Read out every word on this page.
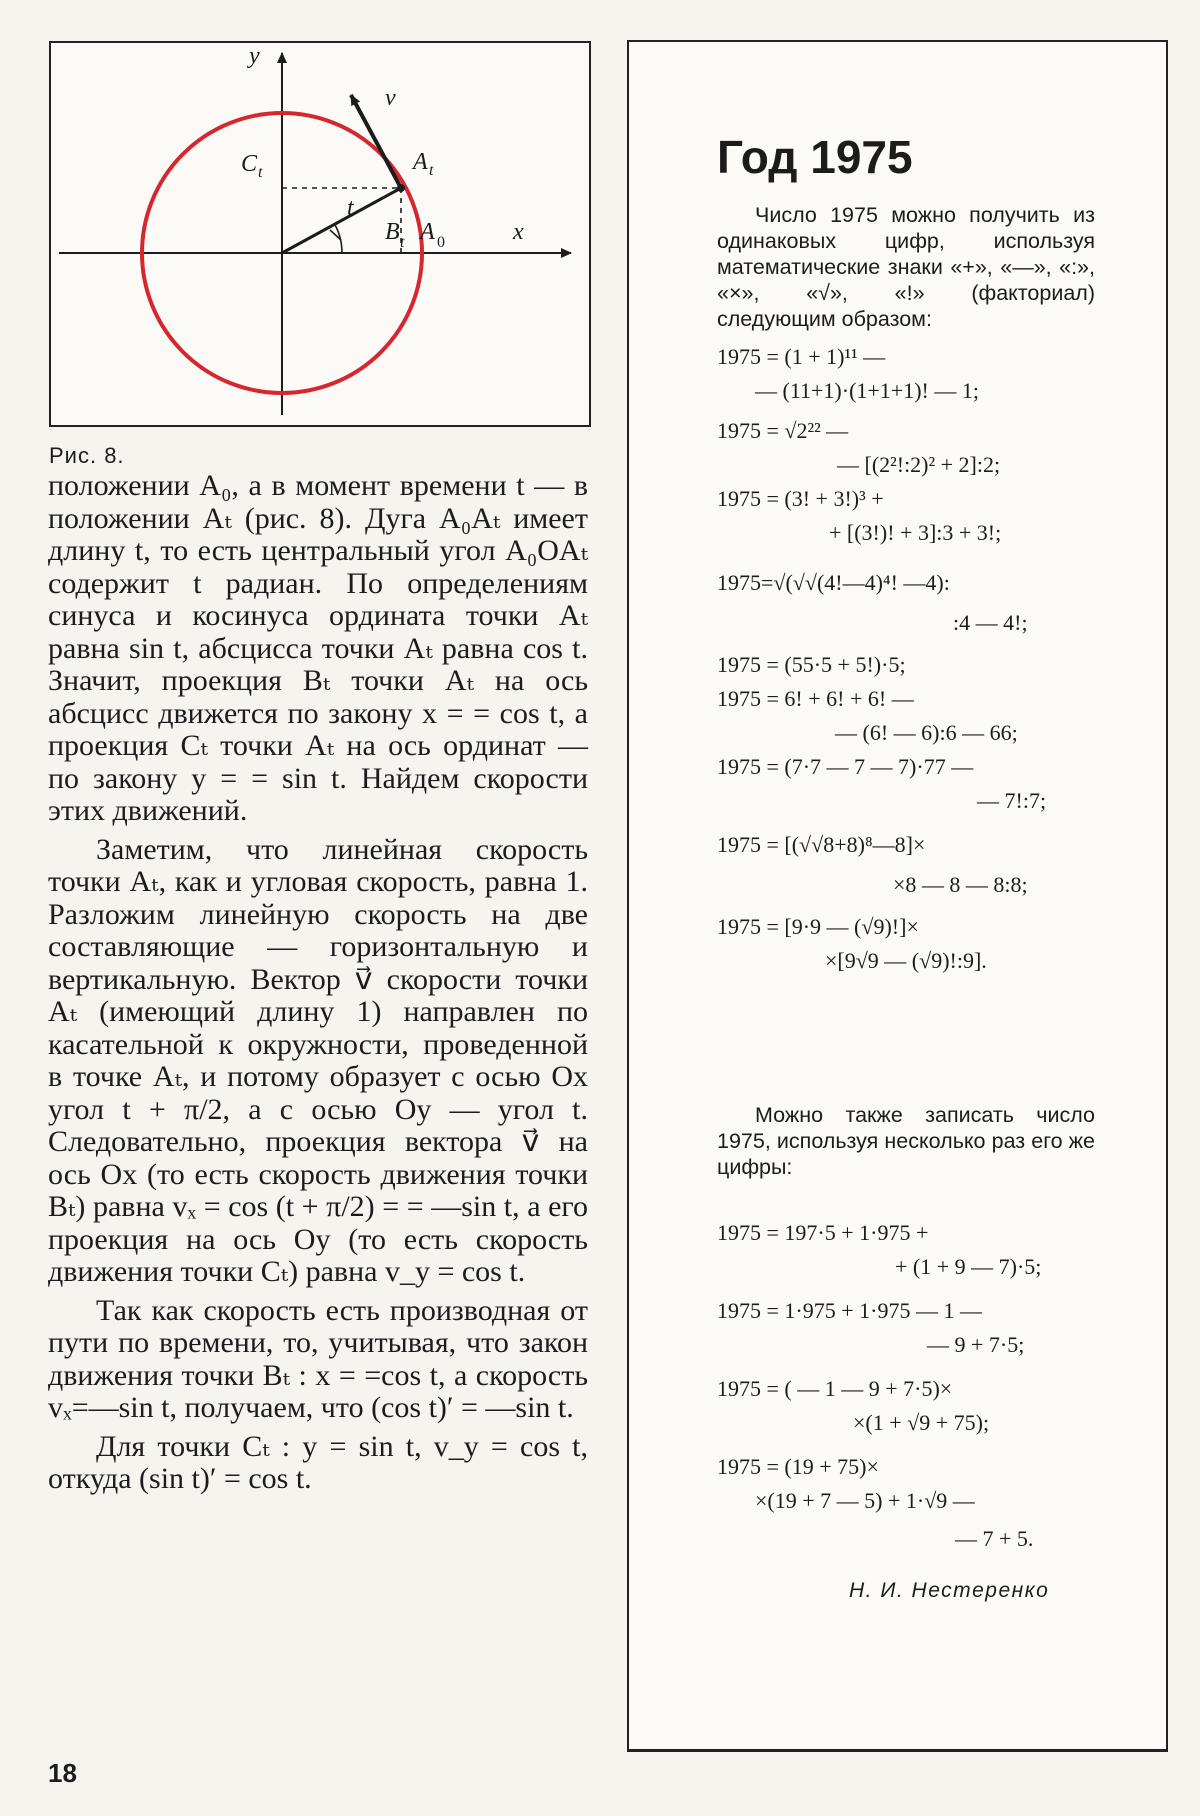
y
x
v⃗
C t	A t
t
B t A 0
Рис. 8.

положении A₀, а в момент времени t — в положении Aₜ (рис. 8). Дуга A₀Aₜ имеет длину t, то есть центральный угол A₀OAₜ содержит t радиан. По определениям синуса и косинуса ордината точки Aₜ равна sin t, абсцисса точки Aₜ равна cos t. Значит, проекция Bₜ точки Aₜ на ось абсцисс движется по закону x = = cos t, а проекция Cₜ точки Aₜ на ось ординат — по закону y = = sin t. Найдем скорости этих движений.

Заметим, что линейная скорость точки Aₜ, как и угловая скорость, равна 1. Разложим линейную скорость на две составляющие — горизонтальную и вертикальную. Вектор v⃗ скорости точки Aₜ (имеющий длину 1) направлен по касательной к окружности, проведенной в точке Aₜ, и потому образует с осью Ox угол t + π/2, а с осью Oy — угол t. Следовательно, проекция вектора v⃗ на ось Ox (то есть скорость движения точки Bₜ) равна vₓ = cos (t + π/2) = = —sin t, а его проекция на ось Oy (то есть скорость движения точки Cₜ) равна v_y = cos t.

Так как скорость есть производная от пути по времени, то, учитывая, что закон движения точки Bₜ : x = =cos t, а скорость vₓ=—sin t, получаем, что (cos t)′ = —sin t.

Для точки Cₜ : y = sin t, v_y = cos t, откуда (sin t)′ = cos t.

18
Год 1975

Число 1975 можно получить из одинаковых цифр, используя математические знаки «+», «—», «:», «×», «√», «!» (факториал) следующим образом:

1975 = (1 + 1)¹¹ —
— (11+1)·(1+1+1)! — 1;
1975 = √2²² —
— [(2²!:2)² + 2]:2;
1975 = (3! + 3!)³ +
+ [(3!)! + 3]:3 + 3!;
1975=√(√√(4!—4)⁴! —4):
:4 — 4!;
1975 = (55·5 + 5!)·5;
1975 = 6! + 6! + 6! —
— (6! — 6):6 — 66;
1975 = (7·7 — 7 — 7)·77 —
— 7!:7;
1975 = [(√√8+8)⁸—8]×
×8 — 8 — 8:8;
1975 = [9·9 — (√9)!]×
×[9√9 — (√9)!:9].

Можно также записать число 1975, используя несколько раз его же цифры:

1975 = 197·5 + 1·975 +
+ (1 + 9 — 7)·5;
1975 = 1·975 + 1·975 — 1 —
— 9 + 7·5;
1975 = ( — 1 — 9 + 7·5)×
×(1 + √9 + 75);
1975 = (19 + 75)×
×(19 + 7 — 5) + 1·√9 —
— 7 + 5.
Н. И. Нестеренко
